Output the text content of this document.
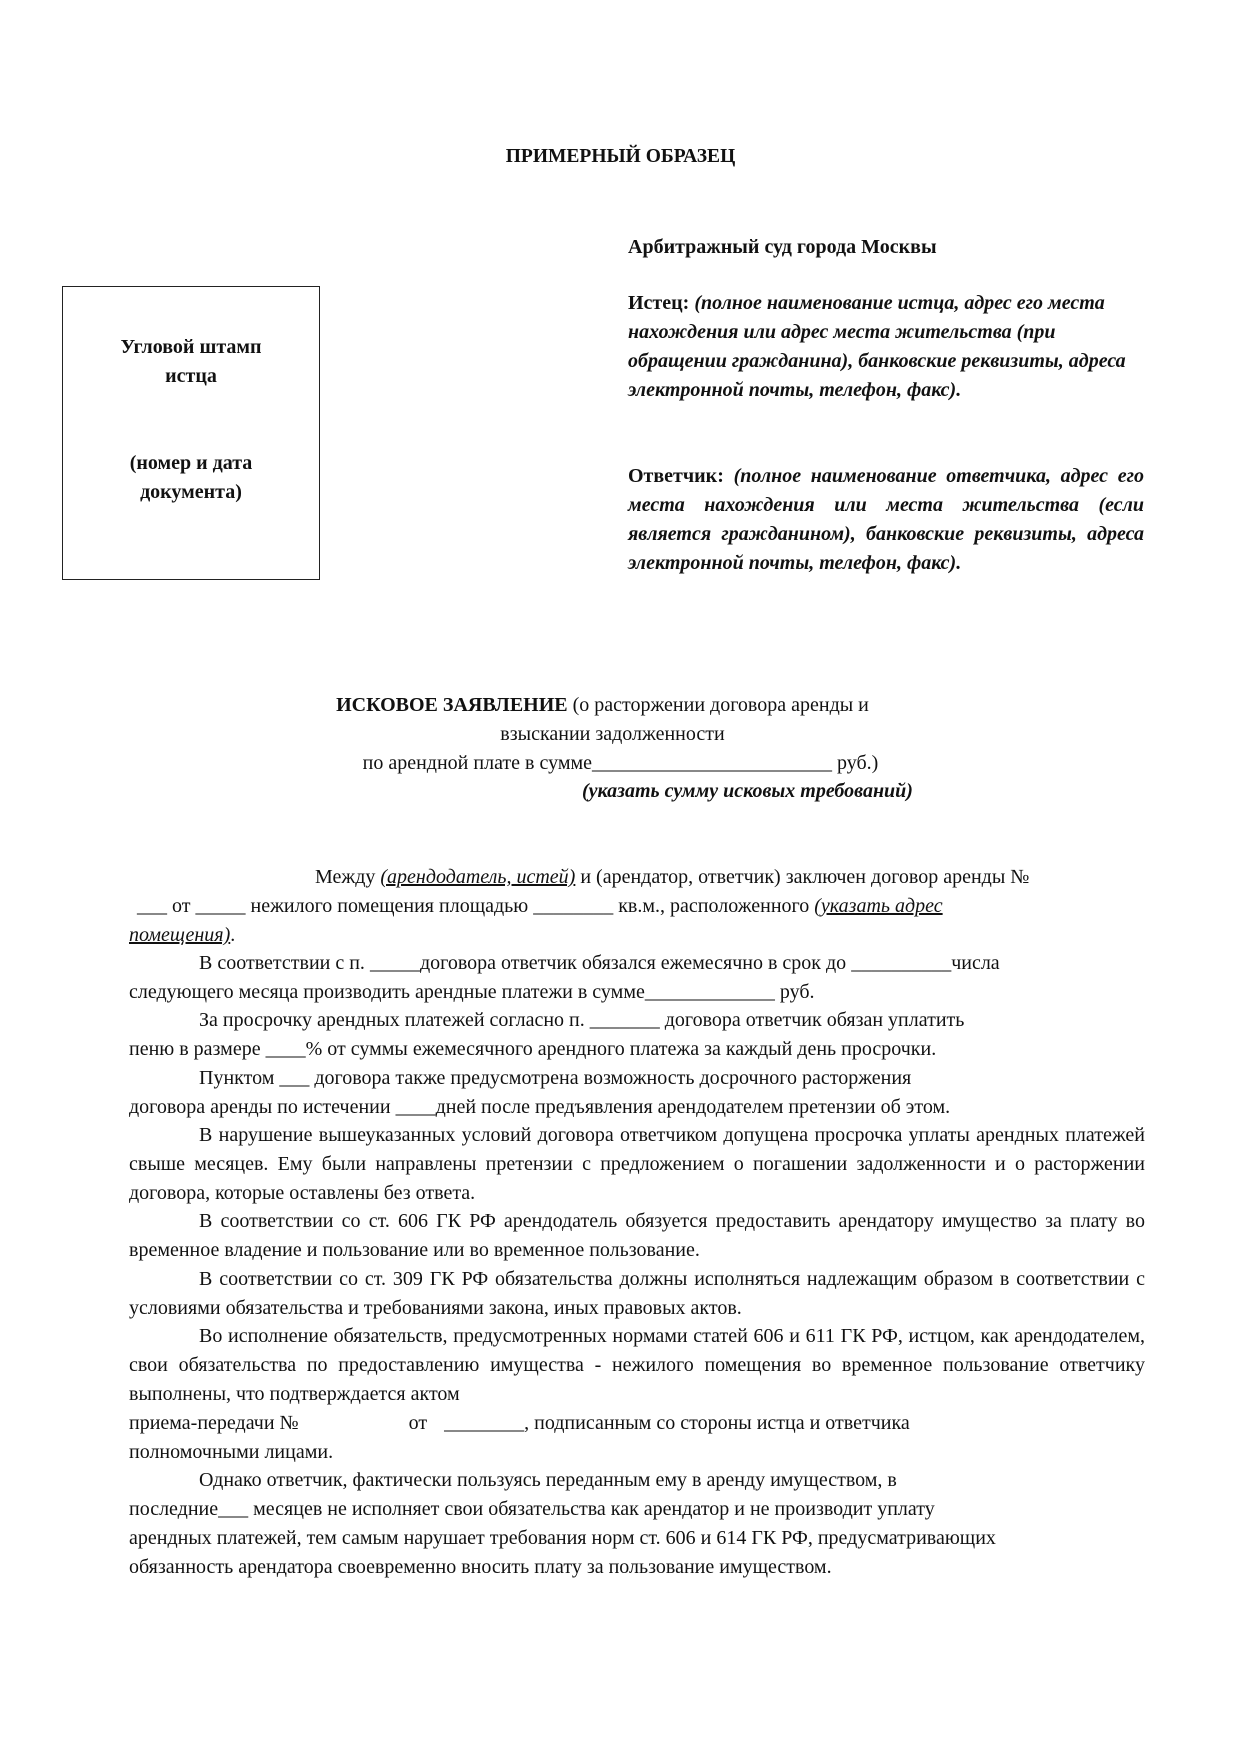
ПРИМЕРНЫЙ ОБРАЗЕЦ
Арбитражный суд города Москвы
Угловой штамп
истца
(номер и дата
документа)
Истец: (полное наименование истца, адрес его места нахождения или адрес места жительства (при обращении гражданина), банковские реквизиты, адреса электронной почты, телефон, факс).
Ответчик: (полное наименование ответчика, адрес его места нахождения или места жительства (если является гражданином), банковские реквизиты, адреса электронной почты, телефон, факс).
ИСКОВОЕ ЗАЯВЛЕНИЕ (о расторжении договора аренды и
взыскании задолженности
по арендной плате в сумме________________________ руб.)
(указать сумму исковых требований)
Между (арендодатель, истей) и (арендатор, ответчик) заключен договор аренды №
___ от _____ нежилого помещения площадью ________ кв.м., расположенного (указать адрес
помещения).
В соответствии с п. _____договора ответчик обязался ежемесячно в срок до __________числа
следующего месяца производить арендные платежи в сумме_____________ руб.
За просрочку арендных платежей согласно п. _______ договора ответчик обязан уплатить
пеню в размере ____% от суммы ежемесячного арендного платежа за каждый день просрочки.
Пунктом ___ договора также предусмотрена возможность досрочного расторжения
договора аренды по истечении ____дней после предъявления арендодателем претензии об этом.
В нарушение вышеуказанных условий договора ответчиком допущена просрочка уплаты арендных платежей свыше месяцев. Ему были направлены претензии с предложением о погашении задолженности и о расторжении договора, которые оставлены без ответа.
В соответствии со ст. 606 ГК РФ арендодатель обязуется предоставить арендатору имущество за плату во временное владение и пользование или во временное пользование.
В соответствии со ст. 309 ГК РФ обязательства должны исполняться надлежащим образом в соответствии с условиями обязательства и требованиями закона, иных правовых актов.
Во исполнение обязательств, предусмотренных нормами статей 606 и 611 ГК РФ, истцом, как арендодателем, свои обязательства по предоставлению имущества - нежилого помещения во временное пользование ответчику выполнены, что подтверждается актом
приема-передачи №	от ________, подписанным со стороны истца и ответчика
полномочными лицами.
Однако ответчик, фактически пользуясь переданным ему в аренду имуществом, в
последние___ месяцев не исполняет свои обязательства как арендатор и не производит уплату
арендных платежей, тем самым нарушает требования норм ст. 606 и 614 ГК РФ, предусматривающих
обязанность арендатора своевременно вносить плату за пользование имуществом.
